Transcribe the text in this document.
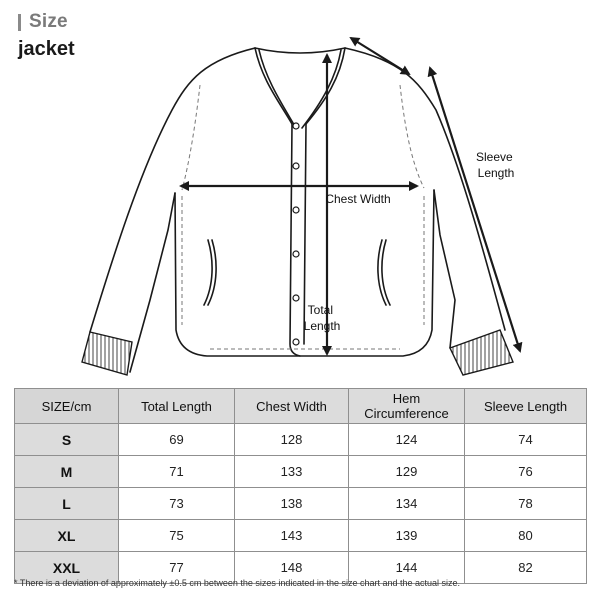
Size
jacket
Sleeve Length
Chest Width
Total Length
SIZE/cm	Total Length	Chest Width	Hem Circumference	Sleeve Length
S	69	128	124	74
M	71	133	129	76
L	73	138	134	78
XL	75	143	139	80
XXL	77	148	144	82
* There is a deviation of approximately ±0.5 cm between the sizes indicated in the size chart and the actual size.
